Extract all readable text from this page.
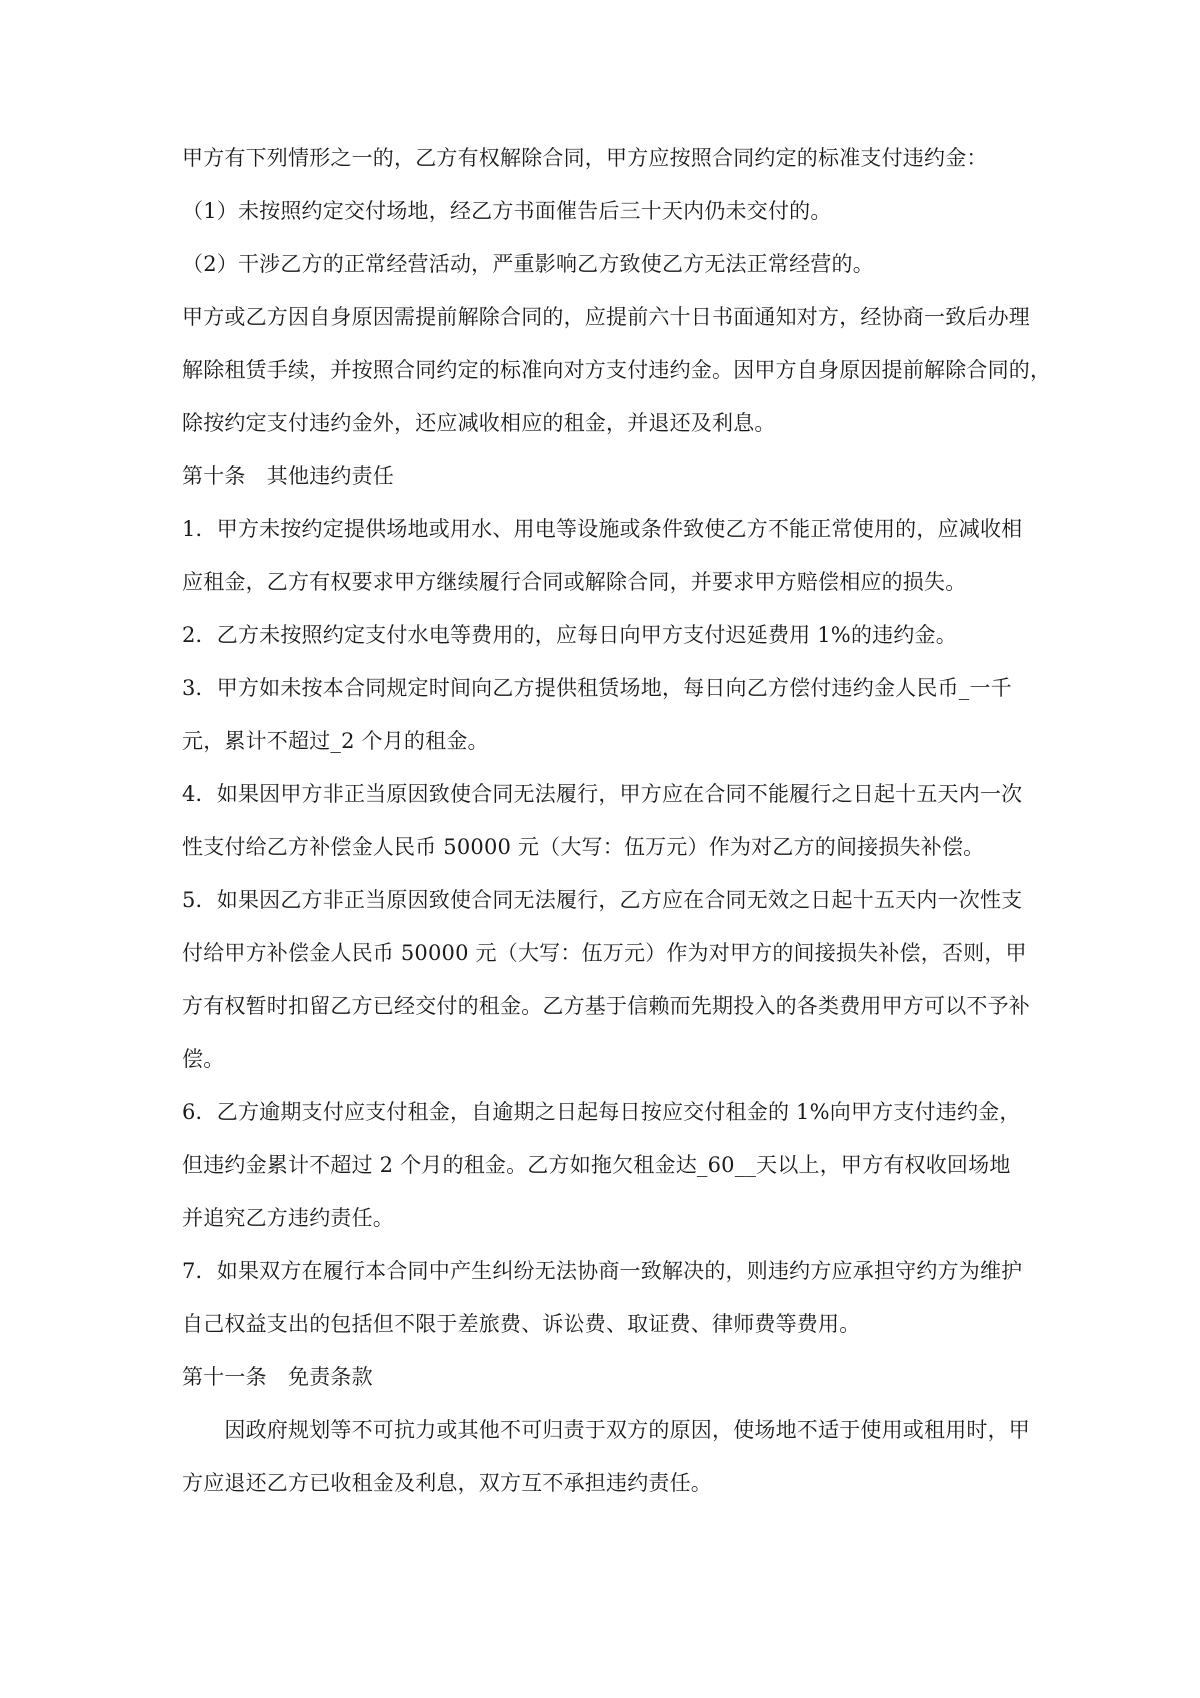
甲方有下列情形之一的，乙方有权解除合同，甲方应按照合同约定的标准支付违约金：
（1）未按照约定交付场地，经乙方书面催告后三十天内仍未交付的。
（2）干涉乙方的正常经营活动，严重影响乙方致使乙方无法正常经营的。
甲方或乙方因自身原因需提前解除合同的，应提前六十日书面通知对方，经协商一致后办理
解除租赁手续，并按照合同约定的标准向对方支付违约金。因甲方自身原因提前解除合同的，
除按约定支付违约金外，还应减收相应的租金，并退还及利息。
第十条　其他违约责任
1．甲方未按约定提供场地或用水、用电等设施或条件致使乙方不能正常使用的，应减收相
应租金，乙方有权要求甲方继续履行合同或解除合同，并要求甲方赔偿相应的损失。
2．乙方未按照约定支付水电等费用的，应每日向甲方支付迟延费用 1%的违约金。
3．甲方如未按本合同规定时间向乙方提供租赁场地，每日向乙方偿付违约金人民币_一千
元，累计不超过_2 个月的租金。
4．如果因甲方非正当原因致使合同无法履行，甲方应在合同不能履行之日起十五天内一次
性支付给乙方补偿金人民币 50000 元（大写：伍万元）作为对乙方的间接损失补偿。
5．如果因乙方非正当原因致使合同无法履行，乙方应在合同无效之日起十五天内一次性支
付给甲方补偿金人民币 50000 元（大写：伍万元）作为对甲方的间接损失补偿，否则，甲
方有权暂时扣留乙方已经交付的租金。乙方基于信赖而先期投入的各类费用甲方可以不予补
偿。
6．乙方逾期支付应支付租金，自逾期之日起每日按应交付租金的 1%向甲方支付违约金，
但违约金累计不超过 2 个月的租金。乙方如拖欠租金达_60__天以上，甲方有权收回场地
并追究乙方违约责任。
7．如果双方在履行本合同中产生纠纷无法协商一致解决的，则违约方应承担守约方为维护
自己权益支出的包括但不限于差旅费、诉讼费、取证费、律师费等费用。
第十一条　免责条款
　　因政府规划等不可抗力或其他不可归责于双方的原因，使场地不适于使用或租用时，甲
方应退还乙方已收租金及利息，双方互不承担违约责任。
